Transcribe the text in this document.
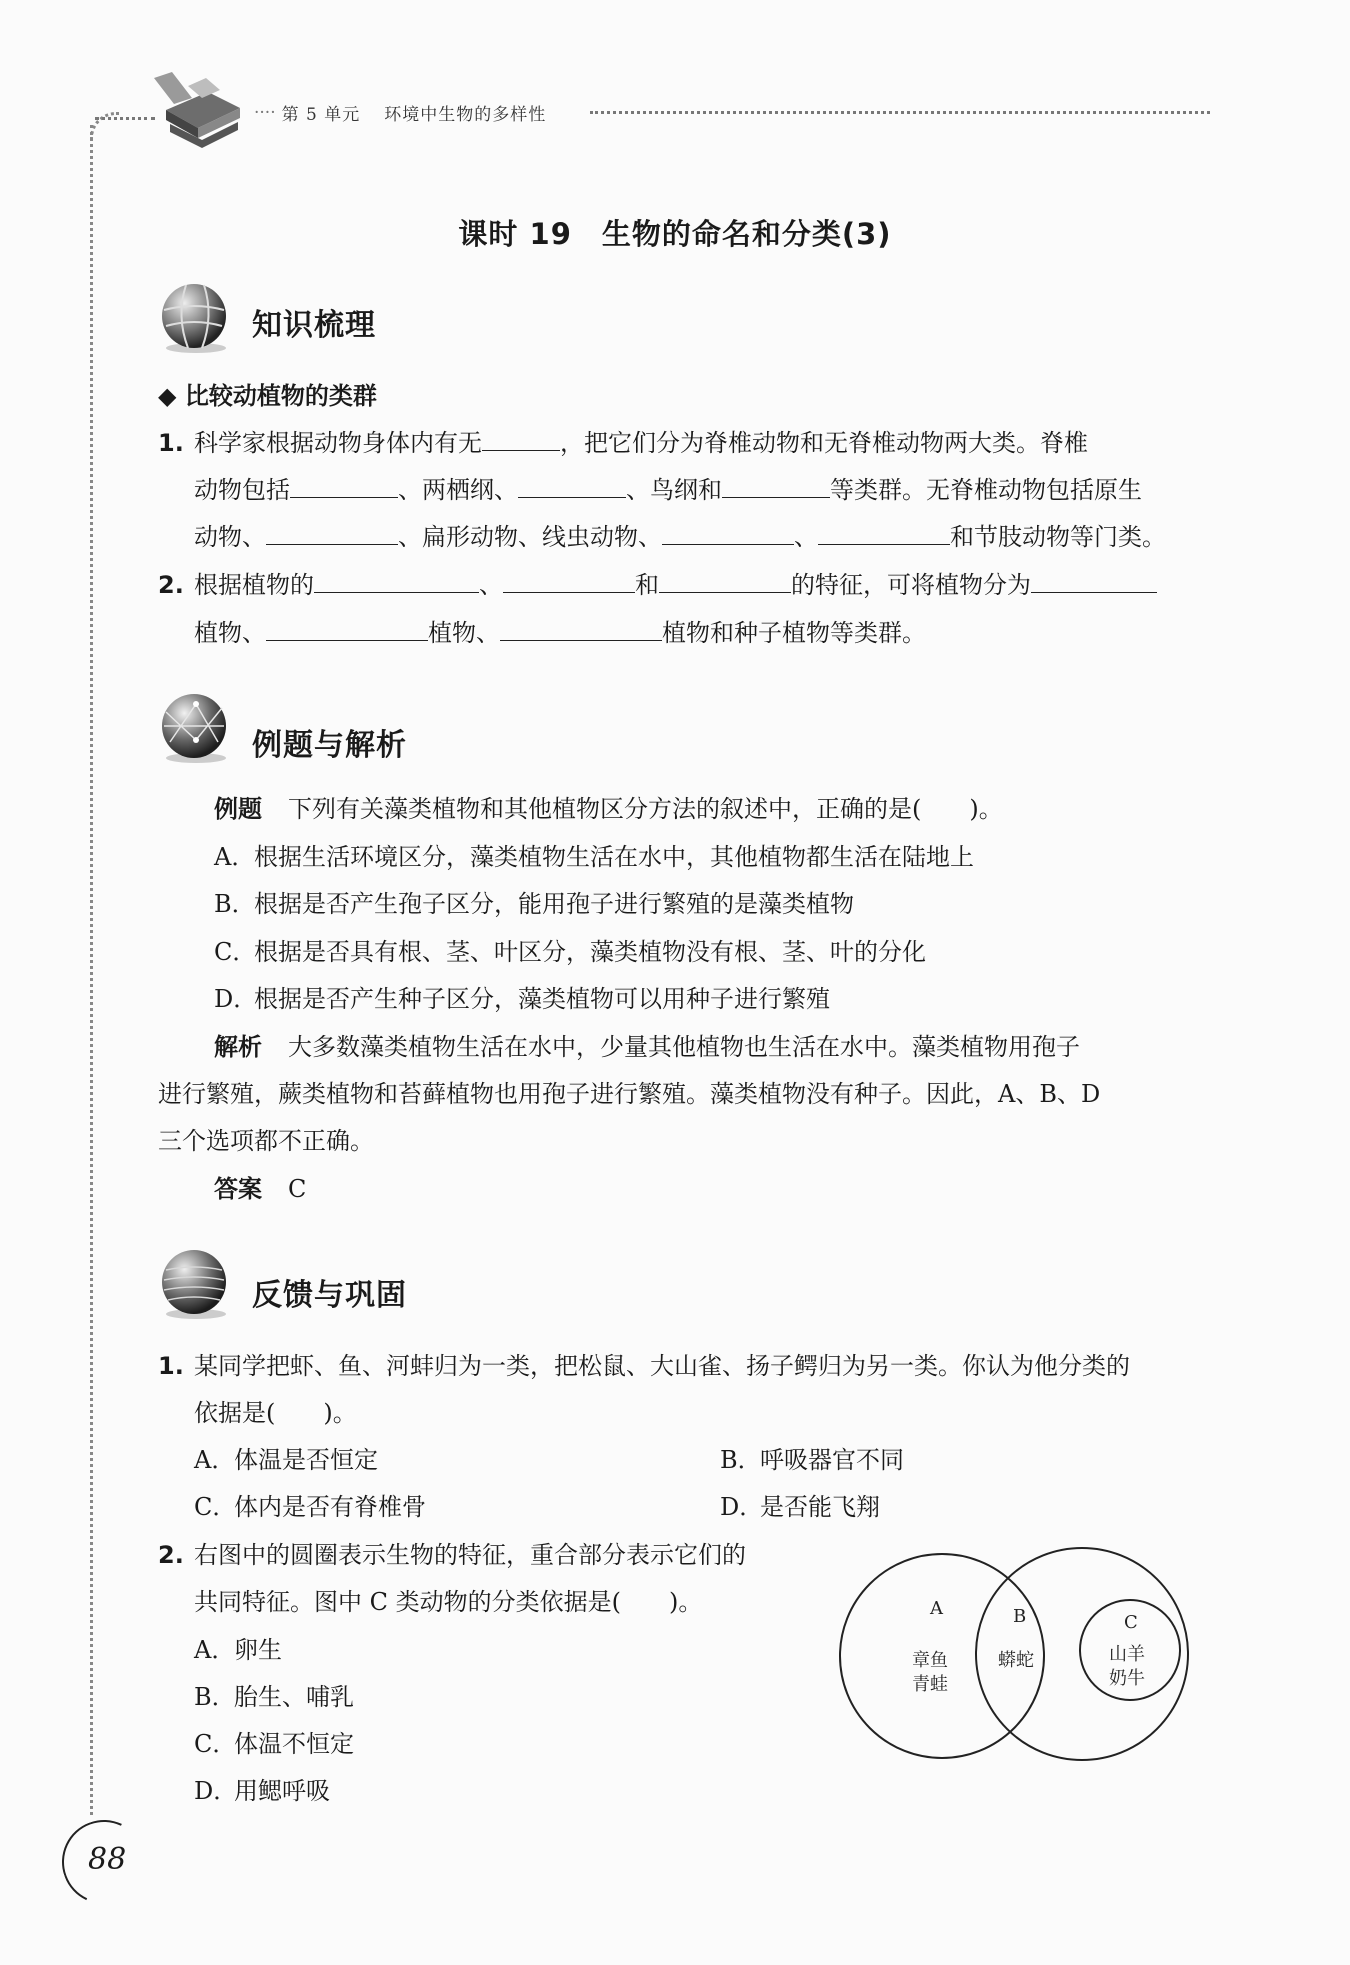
···· 第 5 单元 环境中生物的多样性
课时 19 生物的命名和分类(3)
知识梳理
◆ 比较动植物的类群
1. 科学家根据动物身体内有无	，把它们分为脊椎动物和无脊椎动物两大类。脊椎
动物包括	、两栖纲、	、鸟纲和	等类群。无脊椎动物包括原生
动物、	、扁形动物、线虫动物、	、	和节肢动物等门类。
2. 根据植物的	、	和	的特征，可将植物分为
植物、	植物、	植物和种子植物等类群。
例题与解析
例题 下列有关藻类植物和其他植物区分方法的叙述中，正确的是(　　)。
A．根据生活环境区分，藻类植物生活在水中，其他植物都生活在陆地上
B．根据是否产生孢子区分，能用孢子进行繁殖的是藻类植物
C．根据是否具有根、茎、叶区分，藻类植物没有根、茎、叶的分化
D．根据是否产生种子区分，藻类植物可以用种子进行繁殖
解析 大多数藻类植物生活在水中，少量其他植物也生活在水中。藻类植物用孢子
进行繁殖，蕨类植物和苔藓植物也用孢子进行繁殖。藻类植物没有种子。因此，A、B、D
三个选项都不正确。
答案 C
反馈与巩固
1. 某同学把虾、鱼、河蚌归为一类，把松鼠、大山雀、扬子鳄归为另一类。你认为他分类的
依据是(　　)。
A．体温是否恒定	B．呼吸器官不同
C．体内是否有脊椎骨	D．是否能飞翔
2. 右图中的圆圈表示生物的特征，重合部分表示它们的
共同特征。图中 C 类动物的分类依据是(　　)。
A．卵生
B．胎生、哺乳
C．体温不恒定
D．用鳃呼吸
A
章鱼
青蛙
B
蟒蛇
C
山羊
奶牛
88
